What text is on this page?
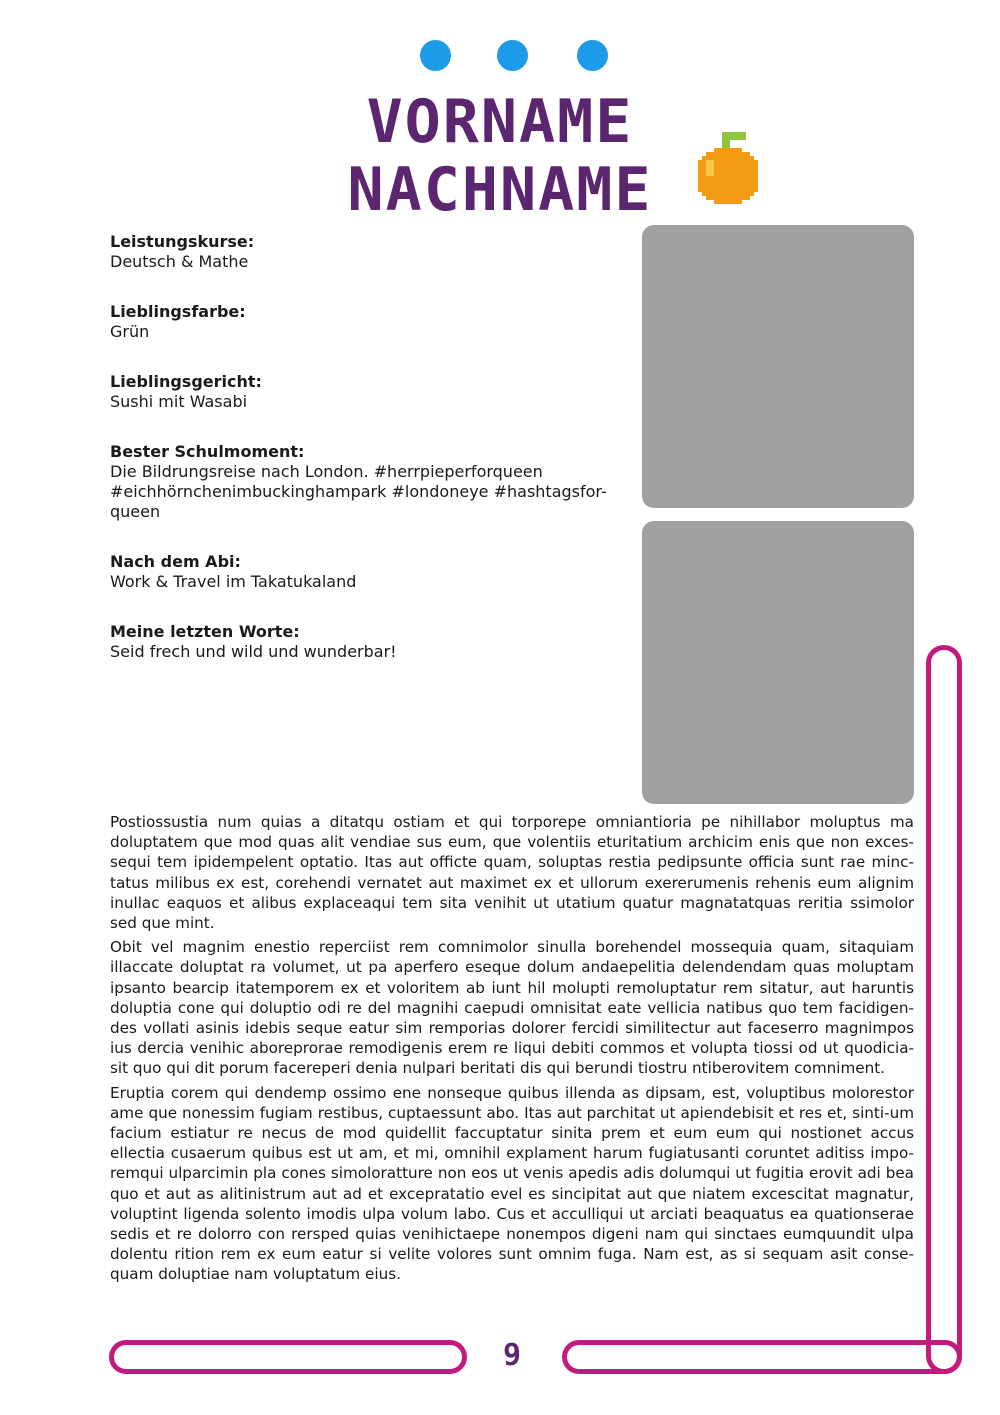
VORNAME
NACHNAME
Leistungskurse:
Deutsch & Mathe
Lieblingsfarbe:
Grün
Lieblingsgericht:
Sushi mit Wasabi
Bester Schulmoment:
Die Bildrungsreise nach London. #herrpieperforqueen #eichhörnchenimbuckinghampark #londoneye #hashtagsfor-queen
Nach dem Abi:
Work & Travel im Takatukaland
Meine letzten Worte:
Seid frech und wild und wunderbar!

Postiossustia num quias a ditatqu ostiam et qui torporepe omniantioria pe nihillabor moluptus ma doluptatem que mod quas alit vendiae sus eum, que volentiis eturitatium archicim enis que non exces-sequi tem ipidempelent optatio. Itas aut officte quam, soluptas restia pedipsunte officia sunt rae minc-tatus milibus ex est, corehendi vernatet aut maximet ex et ullorum exererumenis rehenis eum alignim inullac eaquos et alibus explaceaqui tem sita venihit ut utatium quatur magnatatquas reritia ssimolor sed que mint.

Obit vel magnim enestio reperciist rem comnimolor sinulla borehendel mossequia quam, sitaquiam illaccate doluptat ra volumet, ut pa aperfero eseque dolum andaepelitia delendendam quas moluptam ipsanto bearcip itatemporem ex et voloritem ab iunt hil molupti remoluptatur rem sitatur, aut haruntis doluptia cone qui doluptio odi re del magnihi caepudi omnisitat eate vellicia natibus quo tem facidigen-des vollati asinis idebis seque eatur sim remporias dolorer fercidi similitectur aut faceserro magnimpos ius dercia venihic aboreprorae remodigenis erem re liqui debiti commos et volupta tiossi od ut quodicia-sit quo qui dit porum facereperi denia nulpari beritati dis qui berundi tiostru ntiberovitem comniment.

Eruptia corem qui dendemp ossimo ene nonseque quibus illenda as dipsam, est, voluptibus molorestor ame que nonessim fugiam restibus, cuptaessunt abo. Itas aut parchitat ut apiendebisit et res et, sinti-um facium estiatur re necus de mod quidellit faccuptatur sinita prem et eum eum qui nostionet accus ellectia cusaerum quibus est ut am, et mi, omnihil explament harum fugiatusanti coruntet aditiss impo-remqui ulparcimin pla cones simoloratture non eos ut venis apedis adis dolumqui ut fugitia erovit adi bea quo et aut as alitinistrum aut ad et excepratatio evel es sincipitat aut que niatem excescitat magnatur, voluptint ligenda solento imodis ulpa volum labo. Cus et acculliqui ut arciati beaquatus ea quationserae sedis et re dolorro con rersped quias venihictaepe nonempos digeni nam qui sinctaes eumquundit ulpa dolentu rition rem ex eum eatur si velite volores sunt omnim fuga. Nam est, as si sequam asit conse-quam doluptiae nam voluptatum eius.

9
